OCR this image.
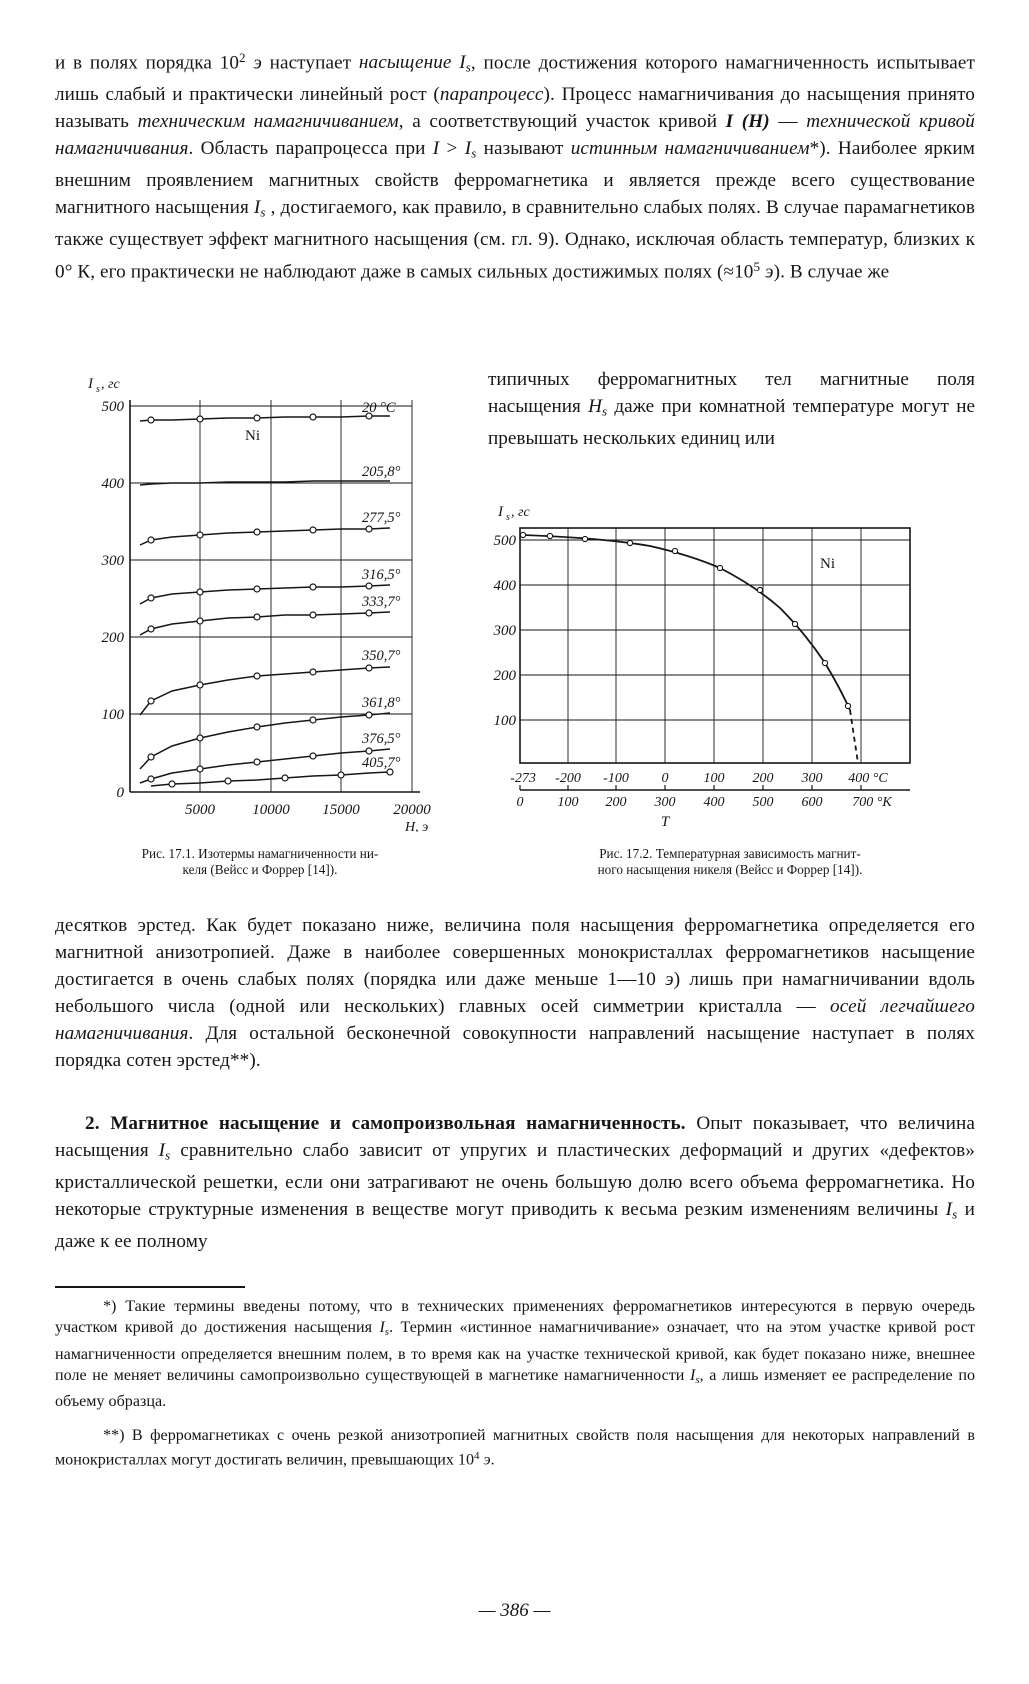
и в полях порядка $10^2$ э наступает насыщение $I_s$, после достижения которого намагниченность испытывает лишь слабый и практически линейный рост (парапроцесс). Процесс намагничивания до насыщения принято называть техническим намагничиванием, а соответствующий участок кривой I (H) — технической кривой намагничивания. Область парапроцесса при $I > I_s$ называют истинным намагничиванием*). Наиболее ярким внешним проявлением магнитных свойств ферромагнетика и является прежде всего существование магнитного насыщения $I_s$ , достигаемого, как правило, в сравнительно слабых полях. В случае парамагнетиков также существует эффект магнитного насыщения (см. гл. 9). Однако, исключая область температур, близких к 0° К, его практически не наблюдают даже в самых сильных достижимых полях ($\approx 10^5$ э). В случае же

типичных ферромагнитных тел магнитные поля насыщения $H_s$ даже при комнатной температуре могут не превышать нескольких единиц или

I s , гс
500
400
300
200
100
0
5000 10000 15000 20000
H, э
Ni
20 °C
205,8°
277,5°
316,5°
333,7°
350,7°
361,8°
376,5°
405,7°
Рис. 17.1. Изотермы намагниченности ни-
келя (Вейсс и Форрер [14]).
I s , гс
500
400
300
200
100
-273 -200 -100 0	100 200 300 400 °C
0 100 200 300 400 500 600 700 °K
T
Ni
Рис. 17.2. Температурная зависимость магнит-
ного насыщения никеля (Вейсс и Форрер [14]).

десятков эрстед. Как будет показано ниже, величина поля насыщения ферромагнетика определяется его магнитной анизотропией. Даже в наиболее совершенных монокристаллах ферромагнетиков насыщение достигается в очень слабых полях (порядка или даже меньше 1—10 э) лишь при намагничивании вдоль небольшого числа (одной или нескольких) главных осей симметрии кристалла — осей легчайшего намагничивания. Для остальной бесконечной совокупности направлений насыщение наступает в полях порядка сотен эрстед**).

2. Магнитное насыщение и самопроизвольная намагниченность. Опыт показывает, что величина насыщения $I_s$ сравнительно слабо зависит от упругих и пластических деформаций и других «дефектов» кристаллической решетки, если они затрагивают не очень большую долю всего объема ферромагнетика. Но некоторые структурные изменения в веществе могут приводить к весьма резким изменениям величины $I_s$ и даже к ее полному

*) Такие термины введены потому, что в технических применениях ферромагнетиков интересуются в первую очередь участком кривой до достижения насыщения $I_s$. Термин «истинное намагничивание» означает, что на этом участке кривой рост намагниченности определяется внешним полем, в то время как на участке технической кривой, как будет показано ниже, внешнее поле не меняет величины самопроизвольно существующей в магнетике намагниченности $I_s$, а лишь изменяет ее распределение по объему образца.

**) В ферромагнетиках с очень резкой анизотропией магнитных свойств поля насыщения для некоторых направлений в монокристаллах могут достигать величин, превышающих $10^4$ э.

— 386 —
